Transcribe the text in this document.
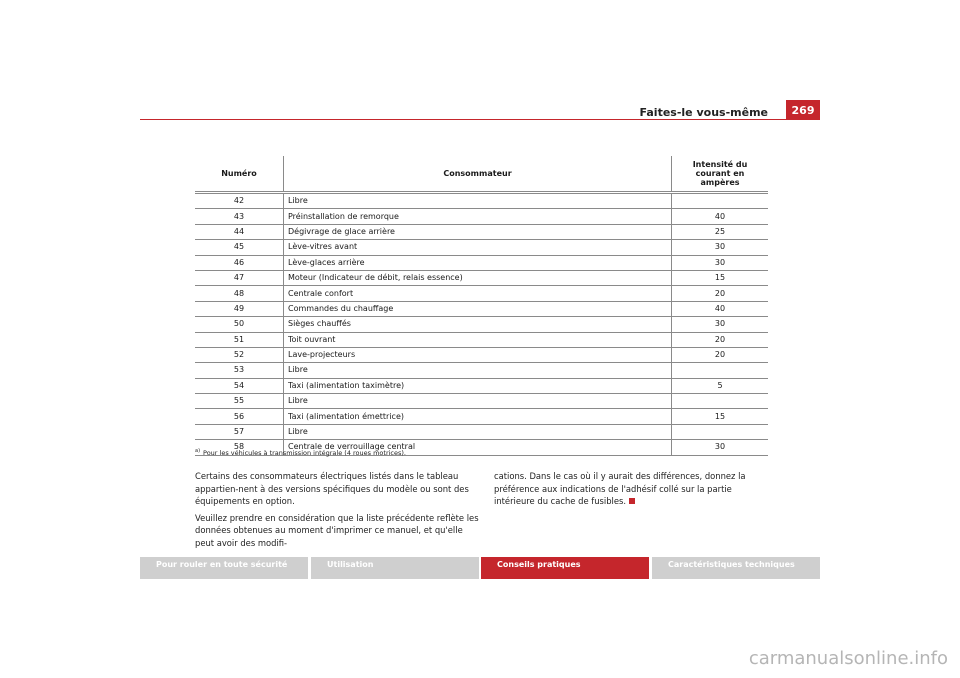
Faites-le vous-même	269
Numéro	Consommateur	Intensité du courant en ampères
42	Libre	
43	Préinstallation de remorque	40
44	Dégivrage de glace arrière	25
45	Lève-vitres avant	30
46	Lève-glaces arrière	30
47	Moteur (Indicateur de débit, relais essence)	15
48	Centrale confort	20
49	Commandes du chauffage	40
50	Sièges chauffés	30
51	Toit ouvrant	20
52	Lave-projecteurs	20
53	Libre	
54	Taxi (alimentation taximètre)	5
55	Libre	
56	Taxi (alimentation émettrice)	15
57	Libre	
58	Centrale de verrouillage central	30
$^{a)}$ Pour les véhicules à transmission intégrale (4 roues motrices).

Certains des consommateurs électriques listés dans le tableau appartien-nent à des versions spécifiques du modèle ou sont des équipements en option.

Veuillez prendre en considération que la liste précédente reflète les données obtenues au moment d'imprimer ce manuel, et qu'elle peut avoir des modifi-

cations. Dans le cas où il y aurait des différences, donnez la préférence aux indications de l'adhésif collé sur la partie intérieure du cache de fusibles.

Pour rouler en toute sécurité	Utilisation	Conseils pratiques	Caractéristiques techniques
carmanualsonline.info
